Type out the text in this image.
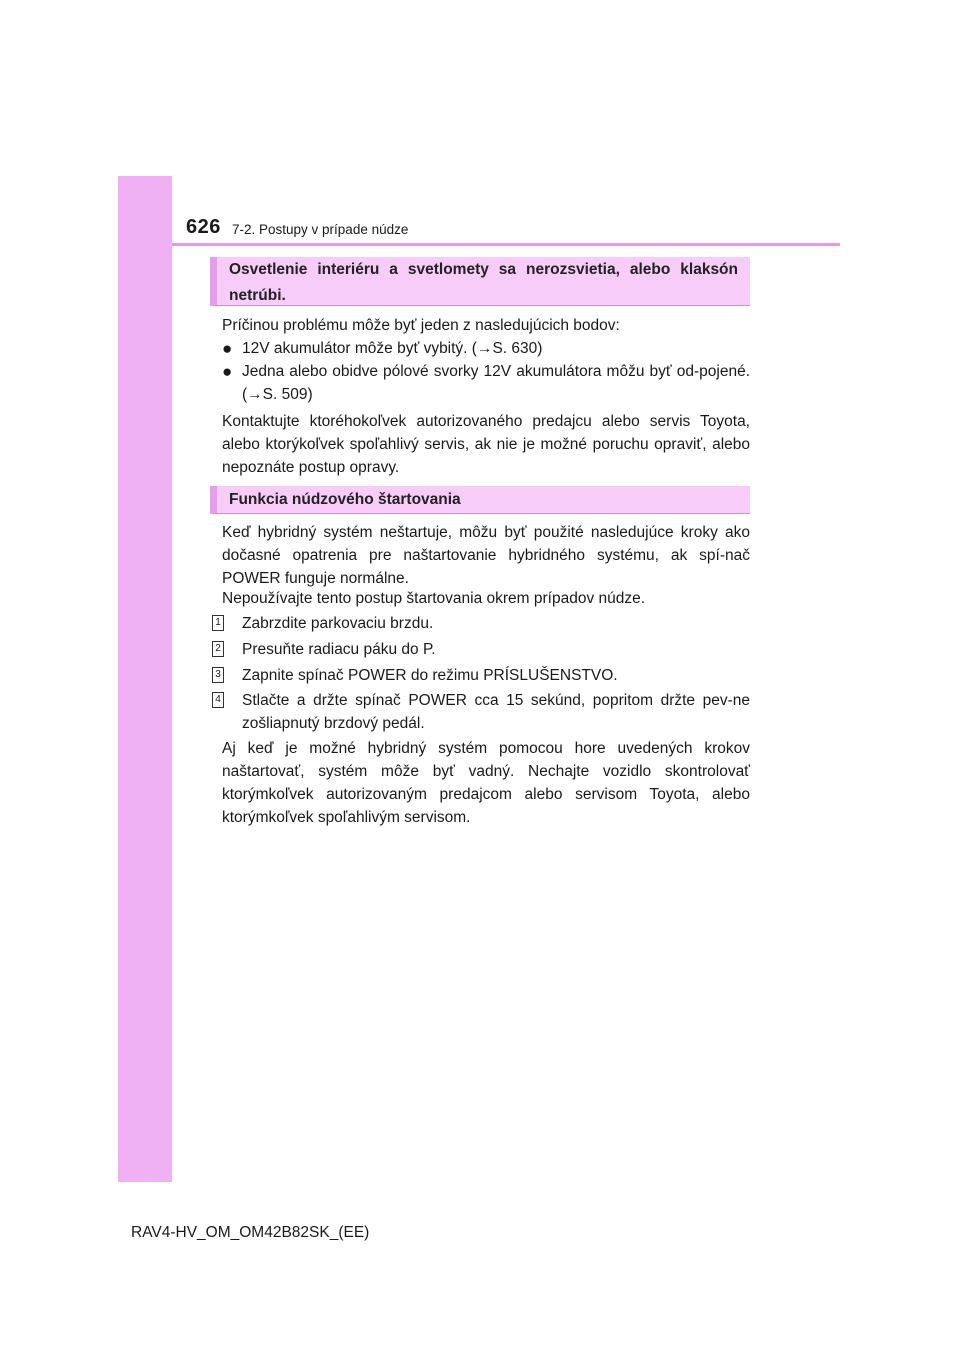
626 7-2. Postupy v prípade núdze
Osvetlenie interiéru a svetlomety sa nerozsvietia, alebo klaksón netrúbi.
Príčinou problému môže byť jeden z nasledujúcich bodov:
● 12V akumulátor môže byť vybitý. (→S. 630)
● Jedna alebo obidve pólové svorky 12V akumulátora môžu byť od-pojené. (→S. 509)
Kontaktujte ktoréhokoľvek autorizovaného predajcu alebo servis Toyota, alebo ktorýkoľvek spoľahlivý servis, ak nie je možné poruchu opraviť, alebo nepoznáte postup opravy.
Funkcia núdzového štartovania
Keď hybridný systém neštartuje, môžu byť použité nasledujúce kroky ako dočasné opatrenia pre naštartovanie hybridného systému, ak spí-nač POWER funguje normálne.
Nepoužívajte tento postup štartovania okrem prípadov núdze.
1 Zabrzdite parkovaciu brzdu.
2 Presuňte radiacu páku do P.
3 Zapnite spínač POWER do režimu PRÍSLUŠENSTVO.
4 Stlačte a držte spínač POWER cca 15 sekúnd, popritom držte pev-ne zošliapnutý brzdový pedál.
Aj keď je možné hybridný systém pomocou hore uvedených krokov naštartovať, systém môže byť vadný. Nechajte vozidlo skontrolovať ktorýmkoľvek autorizovaným predajcom alebo servisom Toyota, alebo ktorýmkoľvek spoľahlivým servisom.
RAV4-HV_OM_OM42B82SK_(EE)
